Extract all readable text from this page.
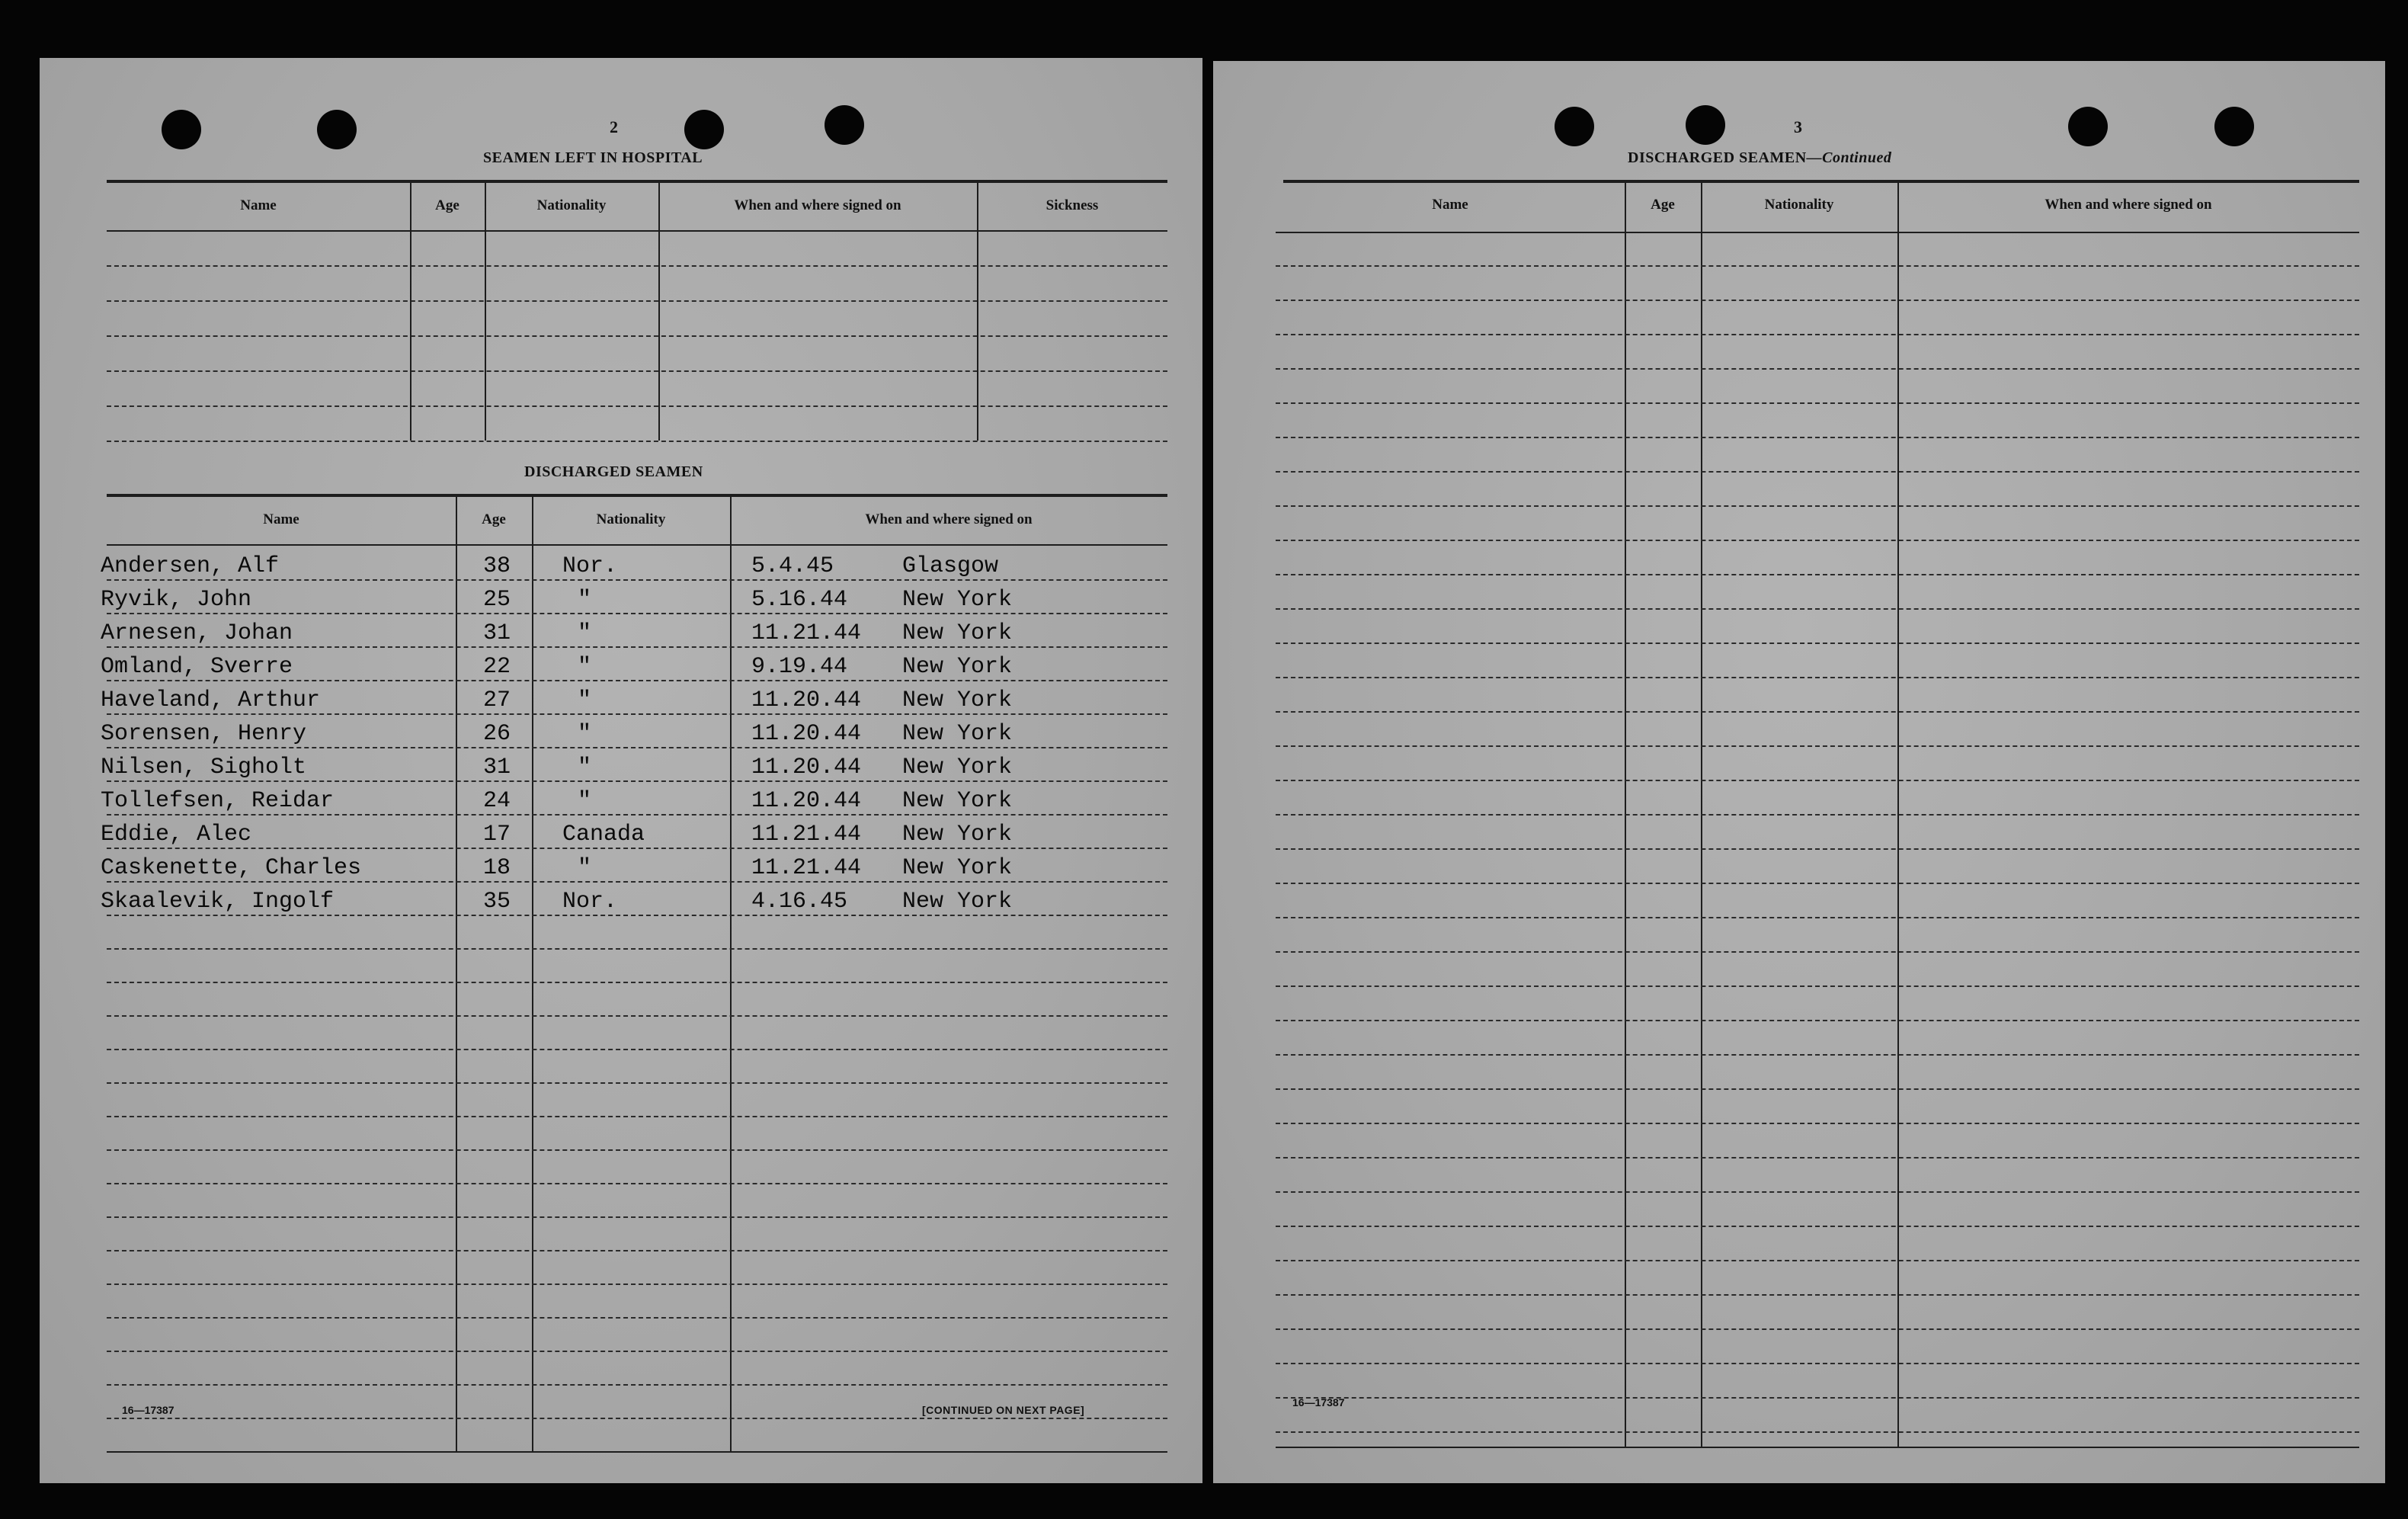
2
SEAMEN LEFT IN HOSPITAL
Name	Age	Nationality	When and where signed on	Sickness
DISCHARGED SEAMEN
Name	Age	Nationality	When and where signed on
Andersen, Alf	38 Nor.	5.4.45	Glasgow
Ryvik, John	25	"	5.16.44 New York
Arnesen, Johan	31	"	11.21.44 New York
Omland, Sverre	22	"	9.19.44 New York
Haveland, Arthur	27	"	11.20.44 New York
Sorensen, Henry	26	"	11.20.44 New York
Nilsen, Sigholt	31	"	11.20.44 New York
Tollefsen, Reidar	24	"	11.20.44 New York
Eddie, Alec	17 Canada	11.21.44 New York
Caskenette, Charles	18	"	11.21.44 New York
Skaalevik, Ingolf	35 Nor.	4.16.45 New York
16—17387	[CONTINUED ON NEXT PAGE]
3
DISCHARGED SEAMEN—Continued
Name	Age	Nationality	When and where signed on
16—17387
